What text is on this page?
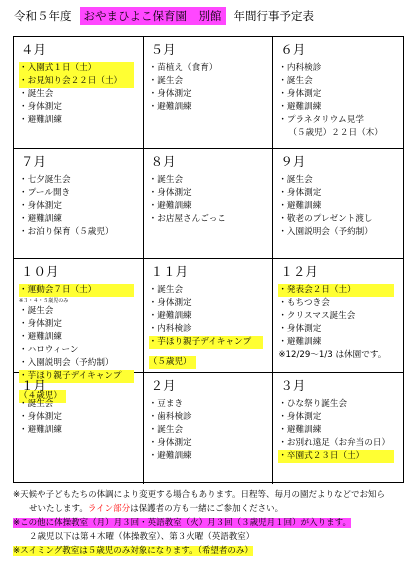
令和５年度 おやまひよこ保育園　別館 年間行事予定表
４月
・入園式１日（土）
・お見知り会２２日（土）
・誕生会
・身体測定
・避難訓練
５月
・苗植え（食育）
・誕生会
・身体測定
・避難訓練
６月
・内科検診
・誕生会
・身体測定
・避難訓練
・プラネタリウム見学
（５歳児）２２日（木）
７月
・七夕誕生会
・プール開き
・身体測定
・避難訓練
・お泊り保育（５歳児）
８月
・誕生会
・身体測定
・避難訓練
・お店屋さんごっこ
９月
・誕生会
・身体測定
・避難訓練
・敬老のプレゼント渡し
・入園説明会（予約制）
１０月
・運動会７日（土）
※３・４・５歳児のみ
・誕生会
・身体測定
・避難訓練
・ハロウィーン
・入園説明会（予約制）
・芋ほり親子デイキャンプ
（４歳児）
１１月
・誕生会
・身体測定
・避難訓練
・内科検診
・芋ほり親子デイキャンプ
（５歳児）
１２月
・発表会２日（土）
・もちつき会
・クリスマス誕生会
・身体測定
・避難訓練
※12/29～1/3 は休園です。
１月
・誕生会
・身体測定
・避難訓練
２月
・豆まき
・歯科検診
・誕生会
・身体測定
・避難訓練
３月
・ひな祭り誕生会
・身体測定
・避難訓練
・お別れ遠足（お弁当の日）
・卒園式２３日（土）
※天候や子どもたちの体調により変更する場合もあります。日程等、毎月の園だよりなどでお知ら
せいたします。ライン部分は保護者の方も一緒にご参加ください。
※この他に体操教室（月）月３回・英語教室（火）月３回（３歳児月１回）が入ります。
２歳児以下は第４木曜（体操教室）、第３火曜（英語教室）
※スイミング教室は５歳児のみ対象になります。（希望者のみ）
